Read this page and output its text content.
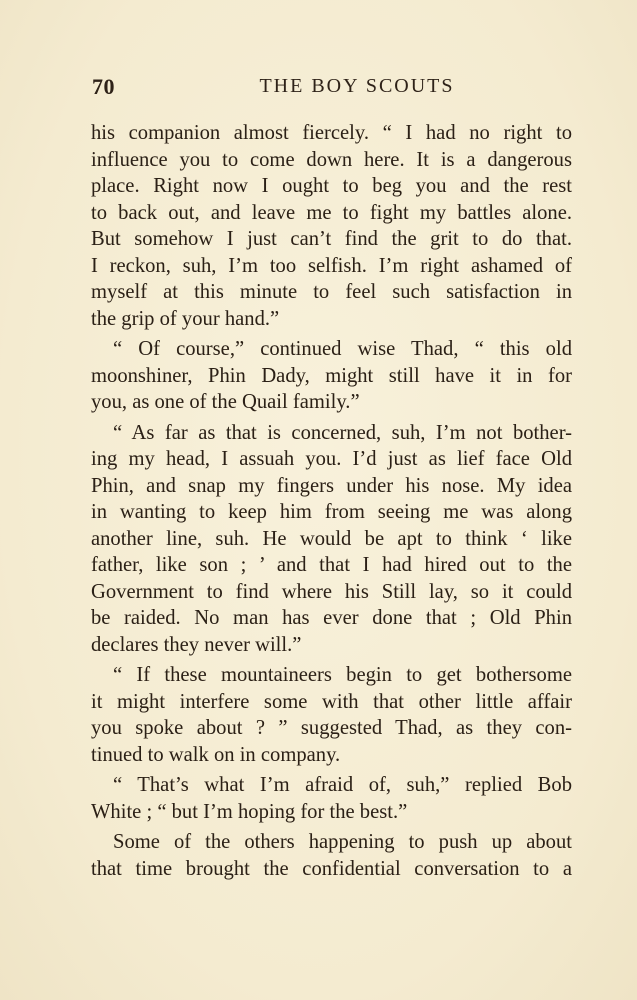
70	THE BOY SCOUTS
his companion almost fiercely. “ I had no right to
influence you to come down here. It is a dangerous
place. Right now I ought to beg you and the rest
to back out, and leave me to fight my battles alone.
But somehow I just can’t find the grit to do that.
I reckon, suh, I’m too selfish. I’m right ashamed of
myself at this minute to feel such satisfaction in
the grip of your hand.”
“ Of course,” continued wise Thad, “ this old
moonshiner, Phin Dady, might still have it in for
you, as one of the Quail family.”
“ As far as that is concerned, suh, I’m not bother-
ing my head, I assuah you. I’d just as lief face Old
Phin, and snap my fingers under his nose. My idea
in wanting to keep him from seeing me was along
another line, suh. He would be apt to think ‘ like
father, like son ; ’ and that I had hired out to the
Government to find where his Still lay, so it could
be raided. No man has ever done that ; Old Phin
declares they never will.”
“ If these mountaineers begin to get bothersome
it might interfere some with that other little affair
you spoke about ? ” suggested Thad, as they con-
tinued to walk on in company.
“ That’s what I’m afraid of, suh,” replied Bob
White ; “ but I’m hoping for the best.”
Some of the others happening to push up about
that time brought the confidential conversation to a
